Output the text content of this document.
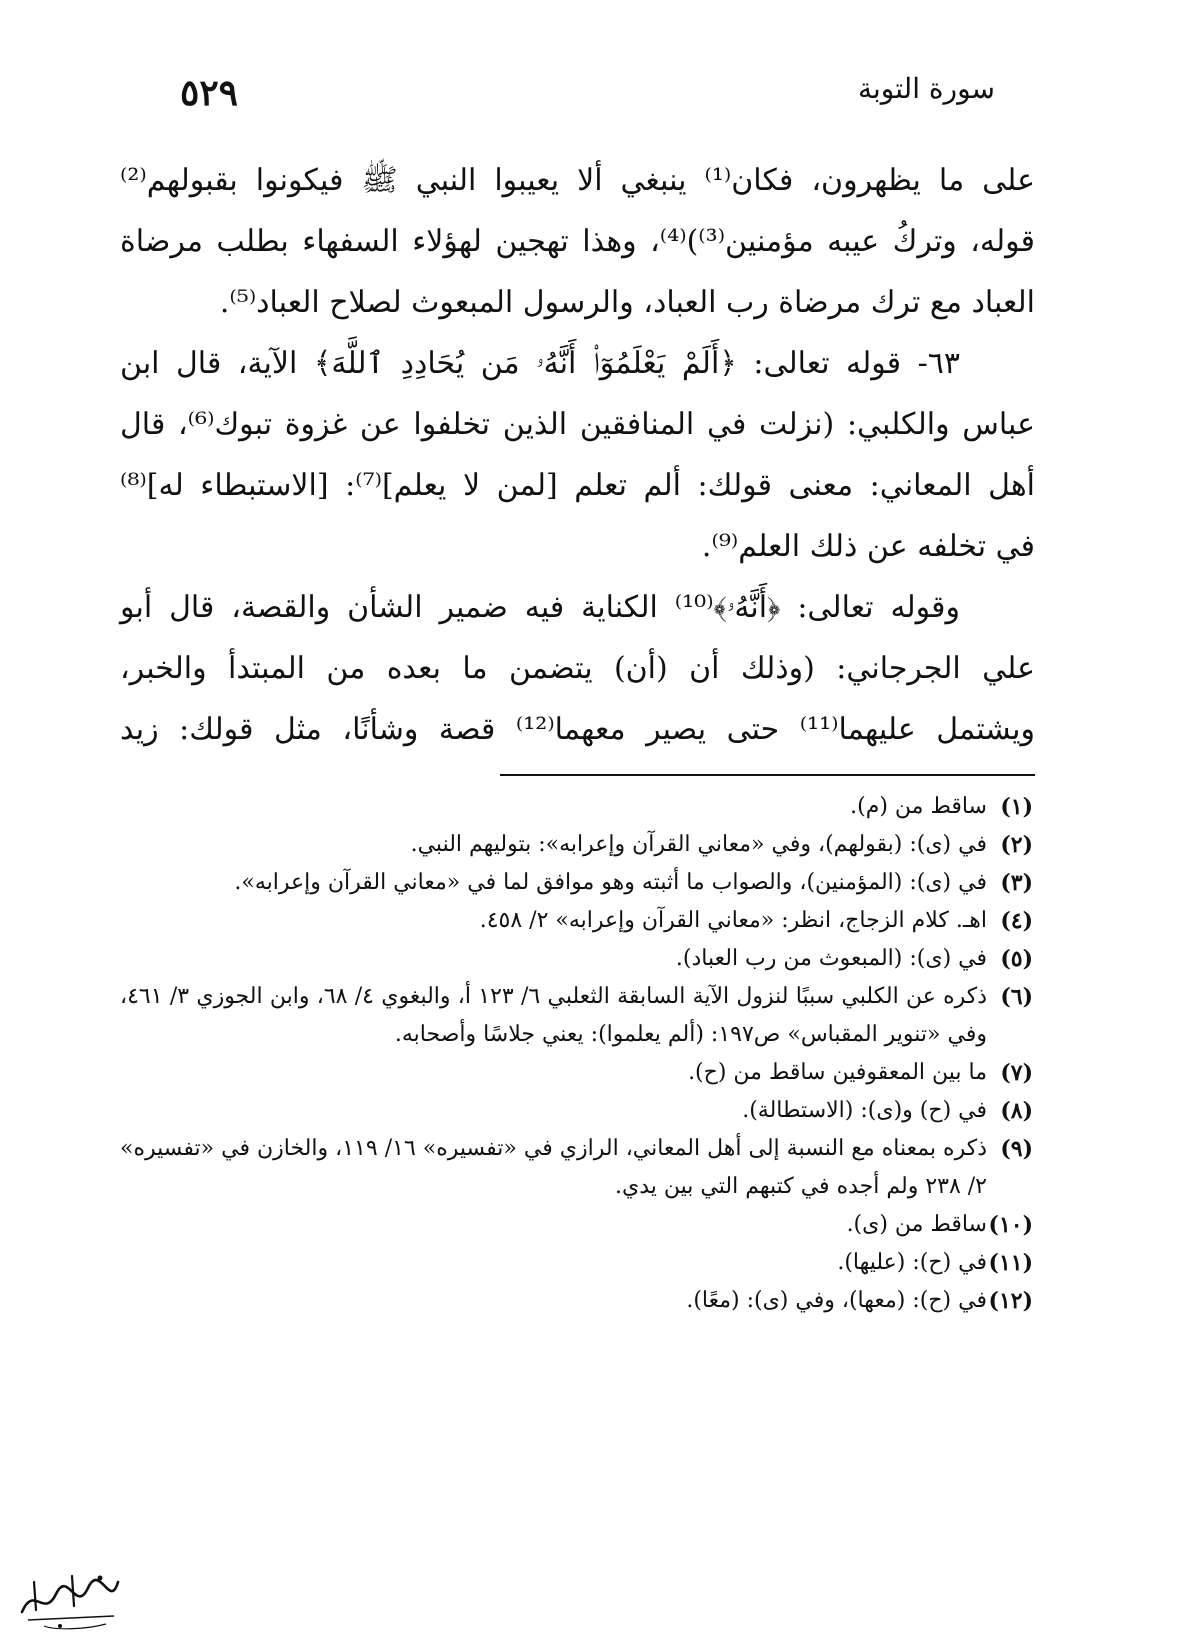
سورة التوبة
٥٢٩

على ما يظهرون، فكان⁽¹⁾ ينبغي ألا يعيبوا النبي ﷺ فيكونوا بقبولهم⁽²⁾

قوله، وتركُ عيبه مؤمنين⁽³⁾)⁽⁴⁾، وهذا تهجين لهؤلاء السفهاء بطلب مرضاة

العباد مع ترك مرضاة رب العباد، والرسول المبعوث لصلاح العباد⁽⁵⁾.

٦٣- قوله تعالى: ﴿أَلَمْ يَعْلَمُوٓا۟ أَنَّهُۥ مَن يُحَادِدِ ٱللَّهَ﴾ الآية، قال ابن

عباس والكلبي: (نزلت في المنافقين الذين تخلفوا عن غزوة تبوك⁽⁶⁾، قال

أهل المعاني: معنى قولك: ألم تعلم [لمن لا يعلم]⁽⁷⁾: [الاستبطاء له]⁽⁸⁾

في تخلفه عن ذلك العلم⁽⁹⁾.

وقوله تعالى: ﴿أَنَّهُۥ﴾⁽¹⁰⁾ الكناية فيه ضمير الشأن والقصة، قال أبو

علي الجرجاني: (وذلك أن (أن) يتضمن ما بعده من المبتدأ والخبر،

ويشتمل عليهما⁽¹¹⁾ حتى يصير معهما⁽¹²⁾ قصة وشأنًا، مثل قولك: زيد

(١)
ساقط من (م).
(٢)
في (ى): (بقولهم)، وفي «معاني القرآن وإعرابه»: بتوليهم النبي.
(٣)
في (ى): (المؤمنين)، والصواب ما أثبته وهو موافق لما في «معاني القرآن وإعرابه».
(٤)
اهـ. كلام الزجاج، انظر: «معاني القرآن وإعرابه» ٢/ ٤٥٨.
(٥)
في (ى): (المبعوث من رب العباد).
(٦)
ذكره عن الكلبي سببًا لنزول الآية السابقة الثعلبي ٦/ ١٢٣ أ، والبغوي ٤/ ٦٨، وابن الجوزي ٣/ ٤٦١، وفي «تنوير المقباس» ص١٩٧: (ألم يعلموا): يعني جلاسًا وأصحابه.
(٧)
ما بين المعقوفين ساقط من (ح).
(٨)
في (ح) و(ى): (الاستطالة).
(٩)
ذكره بمعناه مع النسبة إلى أهل المعاني، الرازي في «تفسيره» ١٦/ ١١٩، والخازن في «تفسيره» ٢/ ٢٣٨ ولم أجده في كتبهم التي بين يدي.
(١٠)
ساقط من (ى).
(١١)
في (ح): (عليها).
(١٢)
في (ح): (معها)، وفي (ى): (معًا).
